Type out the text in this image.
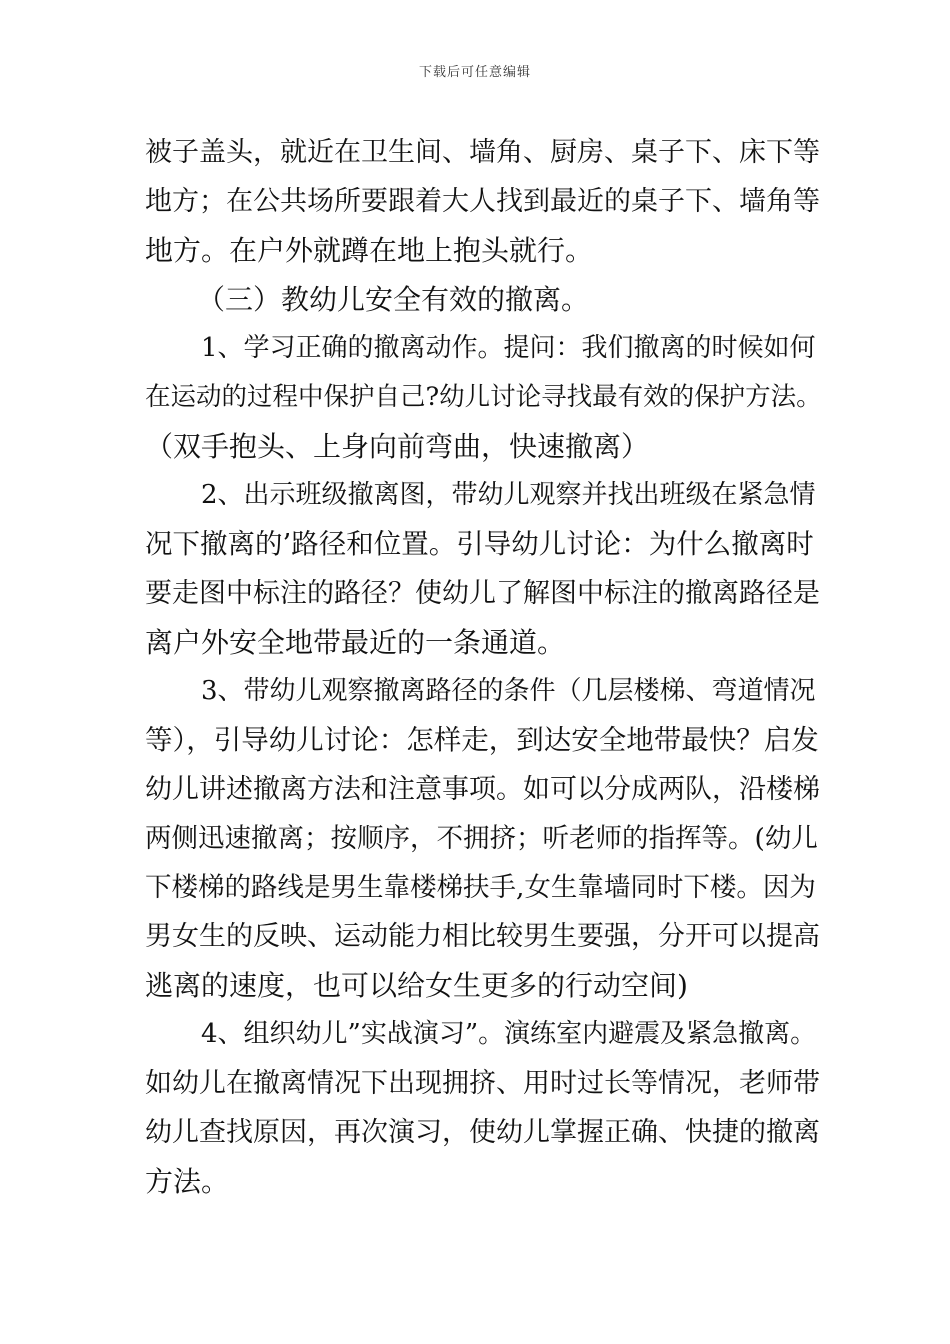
下载后可任意编辑
被子盖头，就近在卫生间、墙角、厨房、桌子下、床下等
地方；在公共场所要跟着大人找到最近的桌子下、墙角等
地方。在户外就蹲在地上抱头就行。
（三）教幼儿安全有效的撤离。
1、学习正确的撤离动作。提问：我们撤离的时候如何
在运动的过程中保护自己?幼儿讨论寻找最有效的保护方法。
（双手抱头、上身向前弯曲，快速撤离）
2、出示班级撤离图，带幼儿观察并找出班级在紧急情
况下撤离的’路径和位置。引导幼儿讨论：为什么撤离时
要走图中标注的路径？使幼儿了解图中标注的撤离路径是
离户外安全地带最近的一条通道。
3、带幼儿观察撤离路径的条件（几层楼梯、弯道情况
等），引导幼儿讨论：怎样走，到达安全地带最快？启发
幼儿讲述撤离方法和注意事项。如可以分成两队，沿楼梯
两侧迅速撤离；按顺序，不拥挤；听老师的指挥等。(幼儿
下楼梯的路线是男生靠楼梯扶手,女生靠墙同时下楼。因为
男女生的反映、运动能力相比较男生要强，分开可以提高
逃离的速度，也可以给女生更多的行动空间)
4、组织幼儿”实战演习”。演练室内避震及紧急撤离。
如幼儿在撤离情况下出现拥挤、用时过长等情况，老师带
幼儿查找原因，再次演习，使幼儿掌握正确、快捷的撤离
方法。
